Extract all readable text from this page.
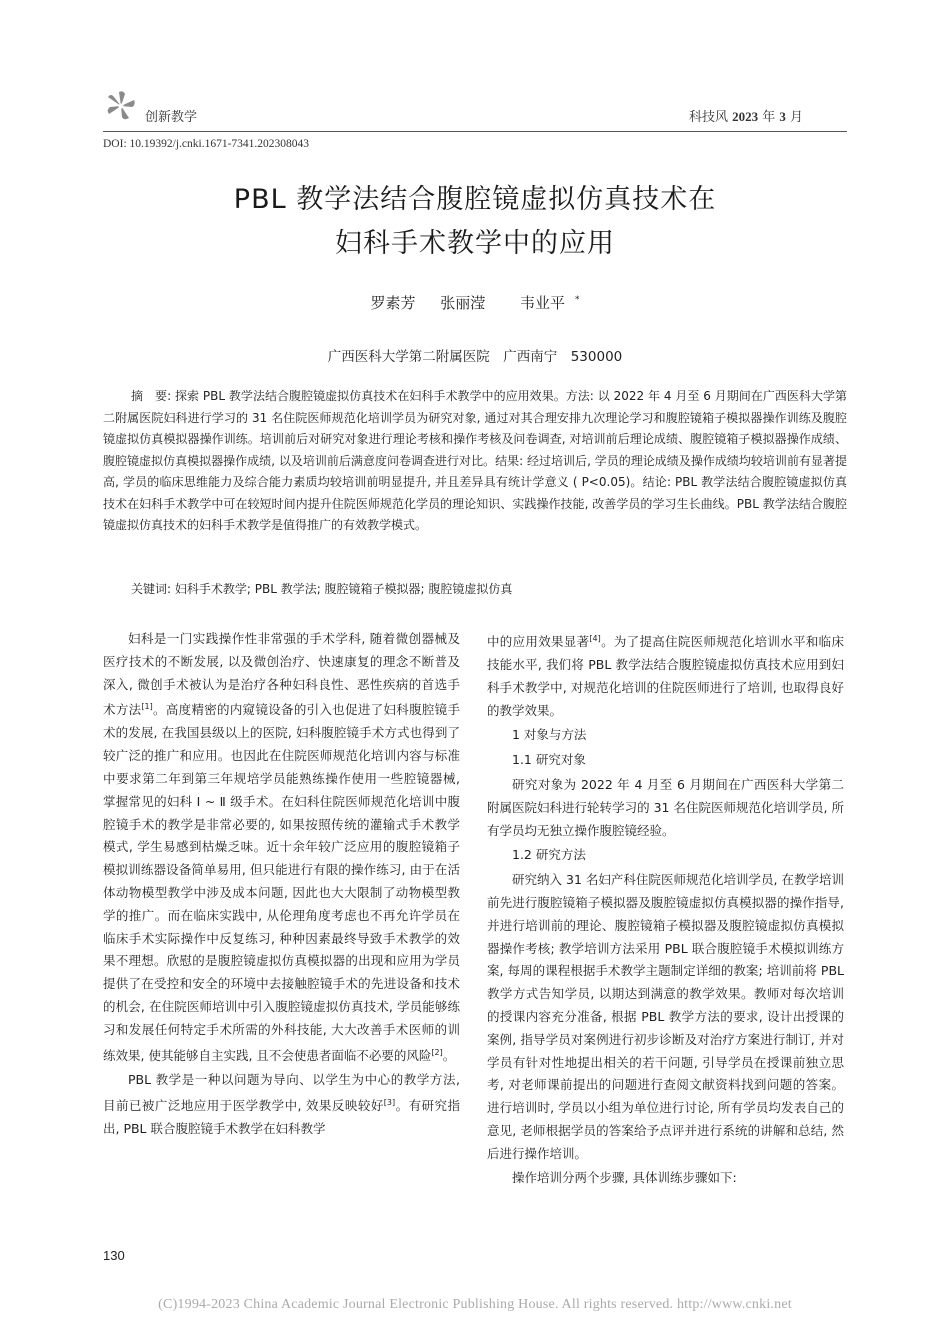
创新教学	科技风 2023 年 3 月
DOI: 10.19392/j.cnki.1671-7341.202308043
PBL 教学法结合腹腔镜虚拟仿真技术在
妇科手术教学中的应用
罗素芳 张丽滢 韦业平 *
广西医科大学第二附属医院　广西南宁　530000
摘　要: 探索 PBL 教学法结合腹腔镜虚拟仿真技术在妇科手术教学中的应用效果。方法: 以 2022 年 4 月至 6 月期间在广西医科大学第二附属医院妇科进行学习的 31 名住院医师规范化培训学员为研究对象, 通过对其合理安排九次理论学习和腹腔镜箱子模拟器操作训练及腹腔镜虚拟仿真模拟器操作训练。培训前后对研究对象进行理论考核和操作考核及问卷调查, 对培训前后理论成绩、腹腔镜箱子模拟器操作成绩、腹腔镜虚拟仿真模拟器操作成绩, 以及培训前后满意度问卷调查进行对比。结果: 经过培训后, 学员的理论成绩及操作成绩均较培训前有显著提高, 学员的临床思维能力及综合能力素质均较培训前明显提升, 并且差异具有统计学意义 ( P<0.05)。结论: PBL 教学法结合腹腔镜虚拟仿真技术在妇科手术教学中可在较短时间内提升住院医师规范化学员的理论知识、实践操作技能, 改善学员的学习生长曲线。PBL 教学法结合腹腔镜虚拟仿真技术的妇科手术教学是值得推广的有效教学模式。
关键词: 妇科手术教学; PBL 教学法; 腹腔镜箱子模拟器; 腹腔镜虚拟仿真

妇科是一门实践操作性非常强的手术学科, 随着微创器械及医疗技术的不断发展, 以及微创治疗、快速康复的理念不断普及深入, 微创手术被认为是治疗各种妇科良性、恶性疾病的首选手术方法[1]。高度精密的内窥镜设备的引入也促进了妇科腹腔镜手术的发展, 在我国县级以上的医院, 妇科腹腔镜手术方式也得到了较广泛的推广和应用。也因此在住院医师规范化培训内容与标准中要求第二年到第三年规培学员能熟练操作使用一些腔镜器械, 掌握常见的妇科 Ⅰ ~ Ⅱ 级手术。在妇科住院医师规范化培训中腹腔镜手术的教学是非常必要的, 如果按照传统的灌输式手术教学模式, 学生易感到枯燥乏味。近十余年较广泛应用的腹腔镜箱子模拟训练器设备简单易用, 但只能进行有限的操作练习, 由于在活体动物模型教学中涉及成本问题, 因此也大大限制了动物模型教学的推广。而在临床实践中, 从伦理角度考虑也不再允许学员在临床手术实际操作中反复练习, 种种因素最终导致手术教学的效果不理想。欣慰的是腹腔镜虚拟仿真模拟器的出现和应用为学员提供了在受控和安全的环境中去接触腔镜手术的先进设备和技术的机会, 在住院医师培训中引入腹腔镜虚拟仿真技术, 学员能够练习和发展任何特定手术所需的外科技能, 大大改善手术医师的训练效果, 使其能够自主实践, 且不会使患者面临不必要的风险[2]。

PBL 教学是一种以问题为导向、以学生为中心的教学方法, 目前已被广泛地应用于医学教学中, 效果反映较好[3]。有研究指出, PBL 联合腹腔镜手术教学在妇科教学

中的应用效果显著[4]。为了提高住院医师规范化培训水平和临床技能水平, 我们将 PBL 教学法结合腹腔镜虚拟仿真技术应用到妇科手术教学中, 对规范化培训的住院医师进行了培训, 也取得良好的教学效果。

1 对象与方法

1.1 研究对象

研究对象为 2022 年 4 月至 6 月期间在广西医科大学第二附属医院妇科进行轮转学习的 31 名住院医师规范化培训学员, 所有学员均无独立操作腹腔镜经验。

1.2 研究方法

研究纳入 31 名妇产科住院医师规范化培训学员, 在教学培训前先进行腹腔镜箱子模拟器及腹腔镜虚拟仿真模拟器的操作指导, 并进行培训前的理论、腹腔镜箱子模拟器及腹腔镜虚拟仿真模拟器操作考核; 教学培训方法采用 PBL 联合腹腔镜手术模拟训练方案, 每周的课程根据手术教学主题制定详细的教案; 培训前将 PBL 教学方式告知学员, 以期达到满意的教学效果。教师对每次培训的授课内容充分准备, 根据 PBL 教学方法的要求, 设计出授课的案例, 指导学员对案例进行初步诊断及对治疗方案进行制订, 并对学员有针对性地提出相关的若干问题, 引导学员在授课前独立思考, 对老师课前提出的问题进行查阅文献资料找到问题的答案。进行培训时, 学员以小组为单位进行讨论, 所有学员均发表自己的意见, 老师根据学员的答案给予点评并进行系统的讲解和总结, 然后进行操作培训。

操作培训分两个步骤, 具体训练步骤如下:

130
(C)1994-2023 China Academic Journal Electronic Publishing House. All rights reserved. http://www.cnki.net
